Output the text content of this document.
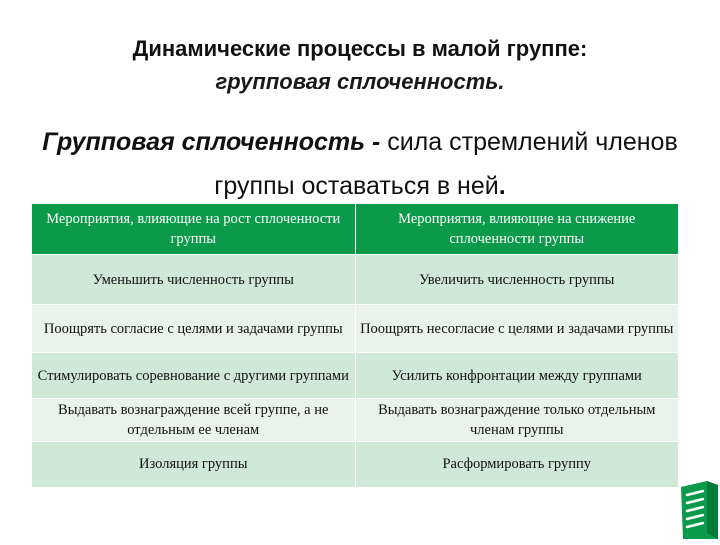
Динамические процессы в малой группе:
групповая сплоченность.
Групповая сплоченность - сила стремлений членов группы оставаться в ней.
Мероприятия, влияющие на рост сплоченности группы	Мероприятия, влияющие на снижение сплоченности группы
Уменьшить численность группы	Увеличить численность группы
Поощрять согласие с целями и задачами группы	Поощрять несогласие с целями и задачами группы
Стимулировать соревнование с другими группами	Усилить конфронтации между группами
Выдавать вознаграждение всей группе, а не отдельным ее членам	Выдавать вознаграждение только отдельным членам группы
Изоляция группы	Расформировать группу
